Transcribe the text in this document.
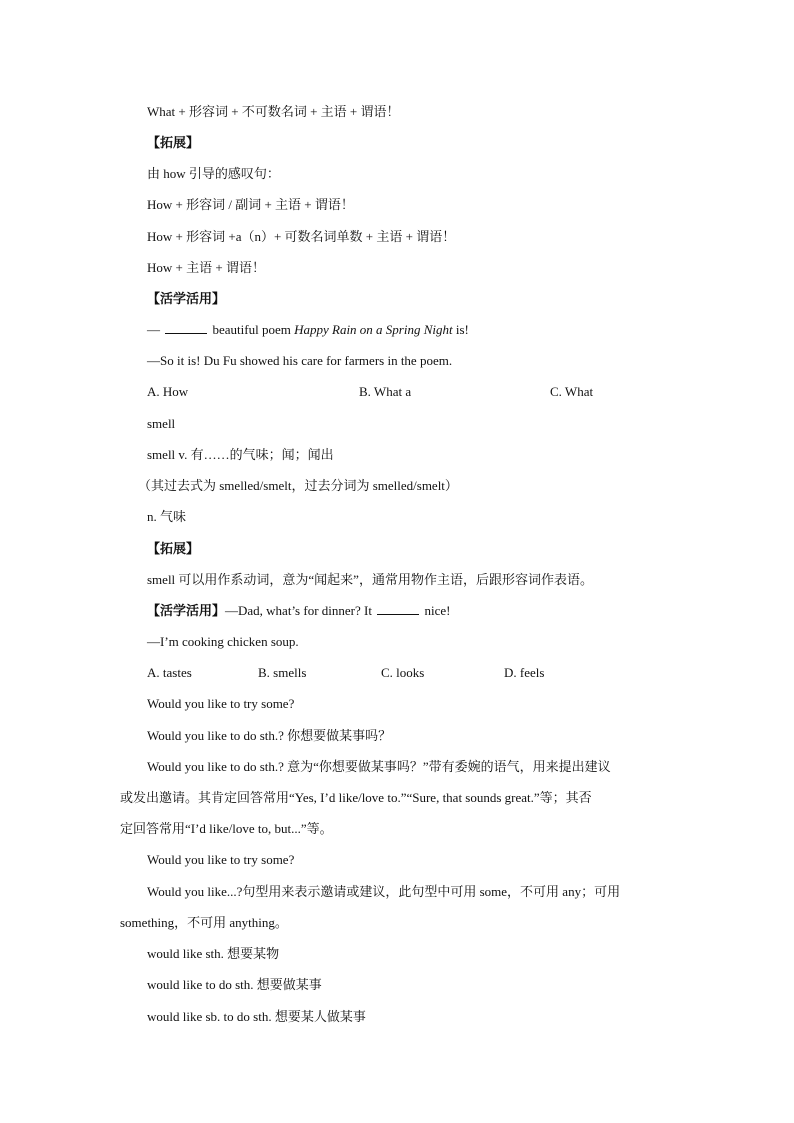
What + 形容词 + 不可数名词 + 主语 + 谓语！
【拓展】
由 how 引导的感叹句：
How + 形容词 / 副词 + 主语 + 谓语！
How + 形容词 +a（n）+ 可数名词单数 + 主语 + 谓语！
How + 主语 + 谓语！
【活学活用】
—	beautiful poem Happy Rain on a Spring Night is!
—So it is! Du Fu showed his care for farmers in the poem.
A. How	B. What a	C. What
smell
smell v. 有……的气味；闻；闻出
（其过去式为 smelled/smelt，过去分词为 smelled/smelt）
n. 气味
【拓展】
smell 可以用作系动词，意为“闻起来”，通常用物作主语，后跟形容词作表语。
【活学活用】—Dad, what’s for dinner? It	nice!
—I’m cooking chicken soup.
A. tastes	B. smells	C. looks	D. feels
Would you like to try some?
Would you like to do sth.? 你想要做某事吗？
Would you like to do sth.? 意为“你想要做某事吗？”带有委婉的语气，用来提出建议
或发出邀请。其肯定回答常用“Yes, I’d like/love to.”“Sure, that sounds great.”等；其否
定回答常用“I’d like/love to, but...”等。
Would you like to try some?
Would you like...?句型用来表示邀请或建议，此句型中可用 some，不可用 any；可用
something，不可用 anything。
would like sth. 想要某物
would like to do sth. 想要做某事
would like sb. to do sth. 想要某人做某事
